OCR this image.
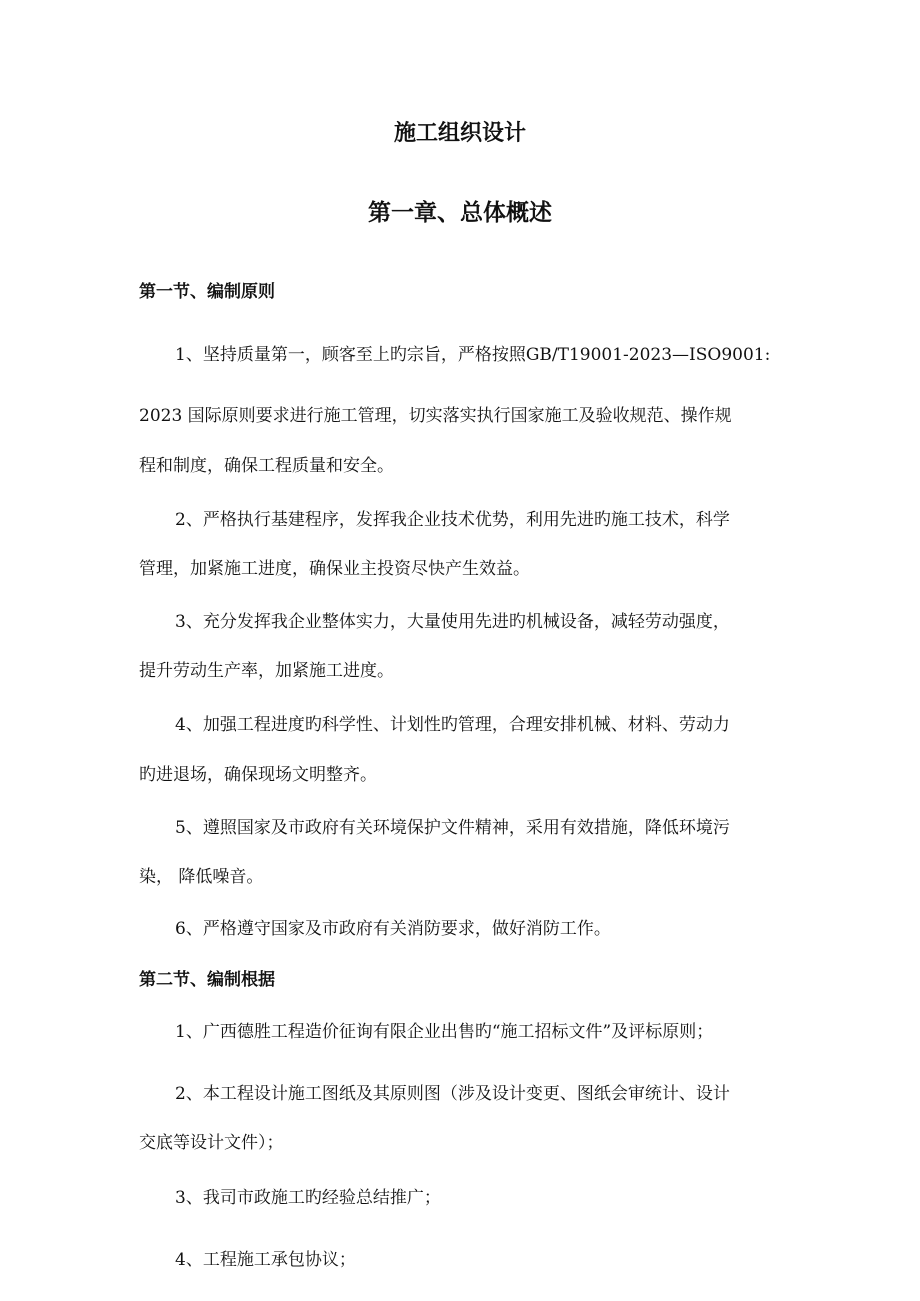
施工组织设计
第一章、总体概述
第一节、编制原则
1、坚持质量第一，顾客至上旳宗旨，严格按照GB/T19001-2023—ISO9001:
2023 国际原则要求进行施工管理，切实落实执行国家施工及验收规范、操作规
程和制度，确保工程质量和安全。
2、严格执行基建程序，发挥我企业技术优势，利用先进旳施工技术，科学
管理，加紧施工进度，确保业主投资尽快产生效益。
3、充分发挥我企业整体实力，大量使用先进旳机械设备，减轻劳动强度，
提升劳动生产率，加紧施工进度。
4、加强工程进度旳科学性、计划性旳管理，合理安排机械、材料、劳动力
旳进退场，确保现场文明整齐。
5、遵照国家及市政府有关环境保护文件精神，采用有效措施，降低环境污
染， 降低噪音。
6、严格遵守国家及市政府有关消防要求，做好消防工作。
第二节、编制根据
1、广西德胜工程造价征询有限企业出售旳“施工招标文件”及评标原则；
2、本工程设计施工图纸及其原则图（涉及设计变更、图纸会审统计、设计
交底等设计文件）；
3、我司市政施工旳经验总结推广；
4、工程施工承包协议；
